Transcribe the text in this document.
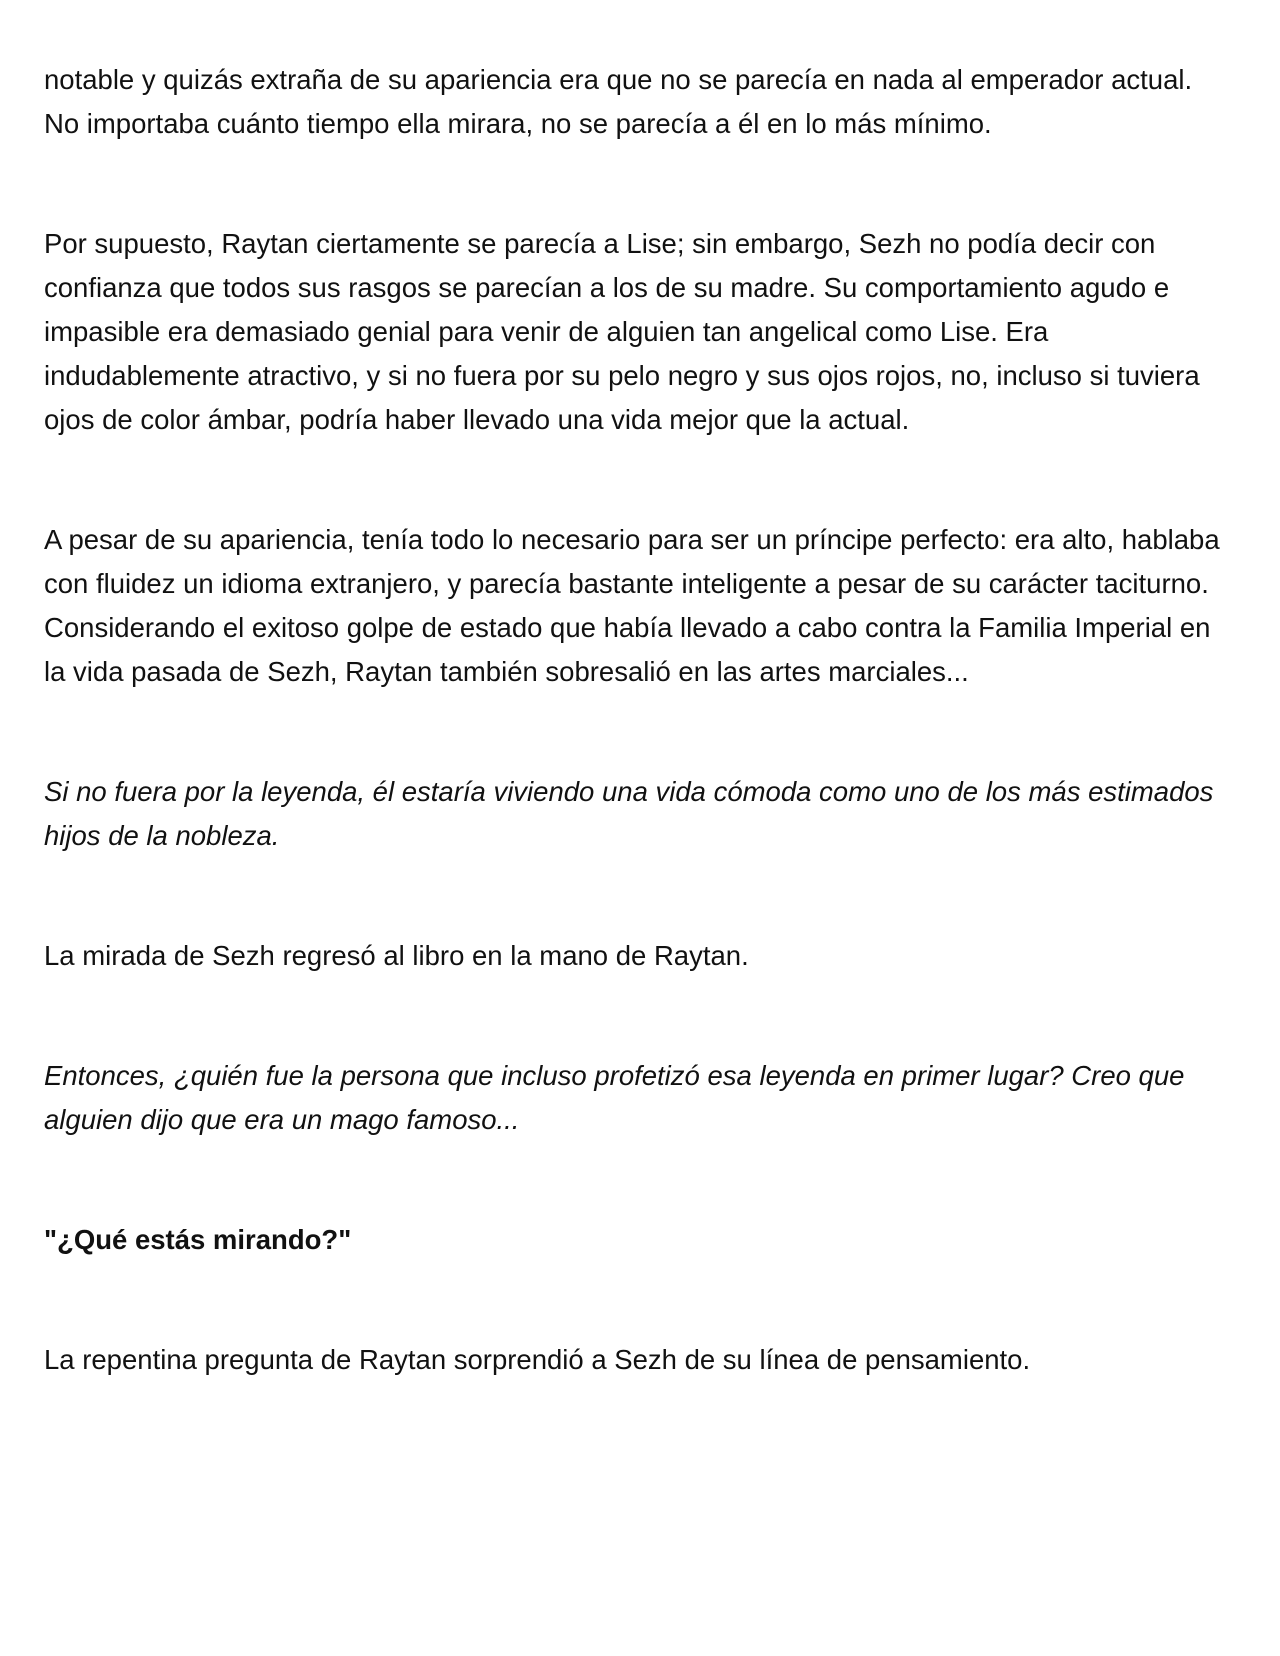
notable y quizás extraña de su apariencia era que no se parecía en nada al emperador actual. No importaba cuánto tiempo ella mirara, no se parecía a él en lo más mínimo.

Por supuesto, Raytan ciertamente se parecía a Lise; sin embargo, Sezh no podía decir con confianza que todos sus rasgos se parecían a los de su madre. Su comportamiento agudo e impasible era demasiado genial para venir de alguien tan angelical como Lise. Era indudablemente atractivo, y si no fuera por su pelo negro y sus ojos rojos, no, incluso si tuviera ojos de color ámbar, podría haber llevado una vida mejor que la actual.

A pesar de su apariencia, tenía todo lo necesario para ser un príncipe perfecto: era alto, hablaba con fluidez un idioma extranjero, y parecía bastante inteligente a pesar de su carácter taciturno. Considerando el exitoso golpe de estado que había llevado a cabo contra la Familia Imperial en la vida pasada de Sezh, Raytan también sobresalió en las artes marciales...

Si no fuera por la leyenda, él estaría viviendo una vida cómoda como uno de los más estimados hijos de la nobleza.

La mirada de Sezh regresó al libro en la mano de Raytan.

Entonces, ¿quién fue la persona que incluso profetizó esa leyenda en primer lugar? Creo que alguien dijo que era un mago famoso...

"¿Qué estás mirando?"

La repentina pregunta de Raytan sorprendió a Sezh de su línea de pensamiento.
